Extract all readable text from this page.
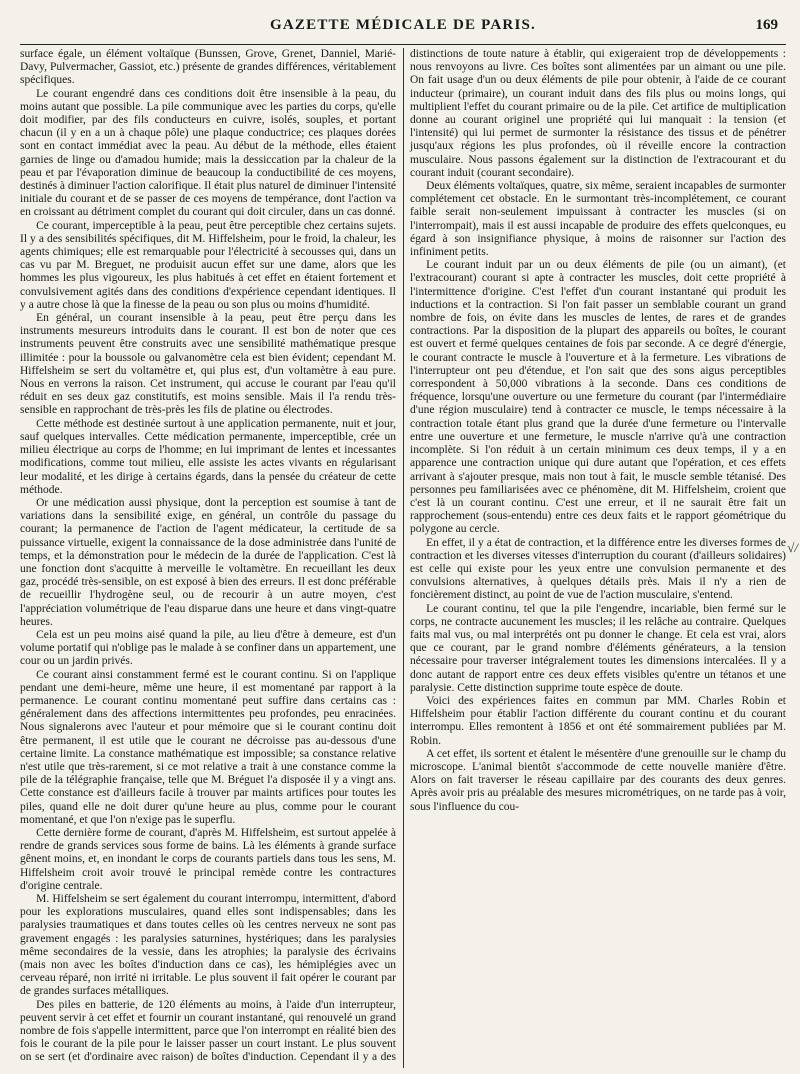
GAZETTE MÉDICALE DE PARIS.	169

surface égale, un élément voltaïque (Bunssen, Grove, Grenet, Danniel, Marié-Davy, Pulvermacher, Gassiot, etc.) présente de grandes différences, véritablement spécifiques.

Le courant engendré dans ces conditions doit être insensible à la peau, du moins autant que possible. La pile communique avec les parties du corps, qu'elle doit modifier, par des fils conducteurs en cuivre, isolés, souples, et portant chacun (il y en a un à chaque pôle) une plaque conductrice; ces plaques dorées sont en contact immédiat avec la peau. Au début de la méthode, elles étaient garnies de linge ou d'amadou humide; mais la dessiccation par la chaleur de la peau et par l'évaporation diminue de beaucoup la conductibilité de ces moyens, destinés à diminuer l'action calorifique. Il était plus naturel de diminuer l'intensité initiale du courant et de se passer de ces moyens de tempérance, dont l'action va en croissant au détriment complet du courant qui doit circuler, dans un cas donné.

Ce courant, imperceptible à la peau, peut être perceptible chez certains sujets. Il y a des sensibilités spécifiques, dit M. Hiffelsheim, pour le froid, la chaleur, les agents chimiques; elle est remarquable pour l'électricité à secousses qui, dans un cas vu par M. Breguet, ne produisit aucun effet sur une dame, alors que les hommes les plus vigoureux, les plus habitués à cet effet en étaient fortement et convulsivement agités dans des conditions d'expérience cependant identiques. Il y a autre chose là que la finesse de la peau ou son plus ou moins d'humidité.

En général, un courant insensible à la peau, peut être perçu dans les instruments mesureurs introduits dans le courant. Il est bon de noter que ces instruments peuvent être construits avec une sensibilité mathématique presque illimitée : pour la boussole ou galvanomètre cela est bien évident; cependant M. Hiffelsheim se sert du voltamètre et, qui plus est, d'un voltamètre à eau pure. Nous en verrons la raison. Cet instrument, qui accuse le courant par l'eau qu'il réduit en ses deux gaz constitutifs, est moins sensible. Mais il l'a rendu très-sensible en rapprochant de très-près les fils de platine ou électrodes.

Cette méthode est destinée surtout à une application permanente, nuit et jour, sauf quelques intervalles. Cette médication permanente, imperceptible, crée un milieu électrique au corps de l'homme; en lui imprimant de lentes et incessantes modifications, comme tout milieu, elle assiste les actes vivants en régularisant leur modalité, et les dirige à certains égards, dans la pensée du créateur de cette méthode.

Or une médication aussi physique, dont la perception est soumise à tant de variations dans la sensibilité exige, en général, un contrôle du passage du courant; la permanence de l'action de l'agent médicateur, la certitude de sa puissance virtuelle, exigent la connaissance de la dose administrée dans l'unité de temps, et la démonstration pour le médecin de la durée de l'application. C'est là une fonction dont s'acquitte à merveille le voltamètre. En recueillant les deux gaz, procédé très-sensible, on est exposé à bien des erreurs. Il est donc préférable de recueillir l'hydrogène seul, ou de recourir à un autre moyen, c'est l'appréciation volumétrique de l'eau disparue dans une heure et dans vingt-quatre heures.

Cela est un peu moins aisé quand la pile, au lieu d'être à demeure, est d'un volume portatif qui n'oblige pas le malade à se confiner dans un appartement, une cour ou un jardin privés.

Ce courant ainsi constamment fermé est le courant continu. Si on l'applique pendant une demi-heure, même une heure, il est momentané par rapport à la permanence. Le courant continu momentané peut suffire dans certains cas : généralement dans des affections intermittentes peu profondes, peu enracinées. Nous signalerons avec l'auteur et pour mémoire que si le courant continu doit être permanent, il est utile que le courant ne décroisse pas au-dessous d'une certaine limite. La constance mathématique est impossible; sa constance relative n'est utile que très-rarement, si ce mot relative a trait à une constance comme la pile de la télégraphie française, telle que M. Bréguet l'a disposée il y a vingt ans. Cette constance est d'ailleurs facile à trouver par maints artifices pour toutes les piles, quand elle ne doit durer qu'une heure au plus, comme pour le courant momentané, et que l'on n'exige pas le superflu.

Cette dernière forme de courant, d'après M. Hiffelsheim, est surtout appelée à rendre de grands services sous forme de bains. Là les éléments à grande surface gênent moins, et, en inondant le corps de courants partiels dans tous les sens, M. Hiffelsheim croit avoir trouvé le principal remède contre les contractures d'origine centrale.

M. Hiffelsheim se sert également du courant interrompu, intermittent, d'abord pour les explorations musculaires, quand elles sont indispensables; dans les paralysies traumatiques et dans toutes celles où les centres nerveux ne sont pas gravement engagés : les paralysies saturnines, hystériques; dans les paralysies même secondaires de la vessie, dans les atrophies; la paralysie des écrivains (mais non avec les boîtes d'induction dans ce cas), les hémiplégies avec un cerveau réparé, non irrité ni irritable. Le plus souvent il fait opérer le courant par de grandes surfaces métalliques.

Des piles en batterie, de 120 éléments au moins, à l'aide d'un interrupteur, peuvent servir à cet effet et fournir un courant instantané, qui renouvelé un grand nombre de fois s'appelle intermittent, parce que l'on interrompt en réalité bien des fois le courant de la pile pour le laisser passer un court instant. Le plus souvent on se sert (et d'ordinaire avec raison) de boîtes d'induction. Cependant il y a des distinctions de toute nature à établir, qui exigeraient trop de développements : nous renvoyons au livre. Ces boîtes sont alimentées par un aimant ou une pile. On fait usage d'un ou deux éléments de pile pour obtenir, à l'aide de ce courant inducteur (primaire), un courant induit dans des fils plus ou moins longs, qui multiplient l'effet du courant primaire ou de la pile. Cet artifice de multiplication donne au courant originel une propriété qui lui manquait : la tension (et l'intensité) qui lui permet de surmonter la résistance des tissus et de pénétrer jusqu'aux régions les plus profondes, où il réveille encore la contraction musculaire. Nous passons également sur la distinction de l'extracourant et du courant induit (courant secondaire).

Deux éléments voltaïques, quatre, six même, seraient incapables de surmonter complétement cet obstacle. En le surmontant très-incomplétement, ce courant faible serait non-seulement impuissant à contracter les muscles (si on l'interrompait), mais il est aussi incapable de produire des effets quelconques, eu égard à son insignifiance physique, à moins de raisonner sur l'action des infiniment petits.

Le courant induit par un ou deux éléments de pile (ou un aimant), (et l'extracourant) courant si apte à contracter les muscles, doit cette propriété à l'intermittence d'origine. C'est l'effet d'un courant instantané qui produit les inductions et la contraction. Si l'on fait passer un semblable courant un grand nombre de fois, on évite dans les muscles de lentes, de rares et de grandes contractions. Par la disposition de la plupart des appareils ou boîtes, le courant est ouvert et fermé quelques centaines de fois par seconde. A ce degré d'énergie, le courant contracte le muscle à l'ouverture et à la fermeture. Les vibrations de l'interrupteur ont peu d'étendue, et l'on sait que des sons aigus perceptibles correspondent à 50,000 vibrations à la seconde. Dans ces conditions de fréquence, lorsqu'une ouverture ou une fermeture du courant (par l'intermédiaire d'une région musculaire) tend à contracter ce muscle, le temps nécessaire à la contraction totale étant plus grand que la durée d'une fermeture ou l'intervalle entre une ouverture et une fermeture, le muscle n'arrive qu'à une contraction incomplète. Si l'on réduit à un certain minimum ces deux temps, il y a en apparence une contraction unique qui dure autant que l'opération, et ces effets arrivant à s'ajouter presque, mais non tout à fait, le muscle semble tétanisé. Des personnes peu familiarisées avec ce phénomène, dit M. Hiffelsheim, croient que c'est là un courant continu. C'est une erreur, et il ne saurait être fait un rapprochement (sous-entendu) entre ces deux faits et le rapport géométrique du polygone au cercle.

En effet, il y a état de contraction, et la différence entre les diverses formes de contraction et les diverses vitesses d'interruption du courant (d'ailleurs solidaires) est celle qui existe pour les yeux entre une convulsion permanente et des convulsions alternatives, à quelques détails près. Mais il n'y a rien de foncièrement distinct, au point de vue de l'action musculaire, s'entend.

Le courant continu, tel que la pile l'engendre, incariable, bien fermé sur le corps, ne contracte aucunement les muscles; il les relâche au contraire. Quelques faits mal vus, ou mal interprétés ont pu donner le change. Et cela est vrai, alors que ce courant, par le grand nombre d'éléments générateurs, a la tension nécessaire pour traverser intégralement toutes les dimensions intercalées. Il y a donc autant de rapport entre ces deux effets visibles qu'entre un tétanos et une paralysie. Cette distinction supprime toute espèce de doute.

Voici des expériences faites en commun par MM. Charles Robin et Hiffelsheim pour établir l'action différente du courant continu et du courant interrompu. Elles remontent à 1856 et ont été sommairement publiées par M. Robin.

A cet effet, ils sortent et étalent le mésentère d'une grenouille sur le champ du microscope. L'animal bientôt s'accommode de cette nouvelle manière d'être. Alors on fait traverser le réseau capillaire par des courants des deux genres. Après avoir pris au préalable des mesures micrométriques, on ne tarde pas à voir, sous l'influence du cou-

√/
